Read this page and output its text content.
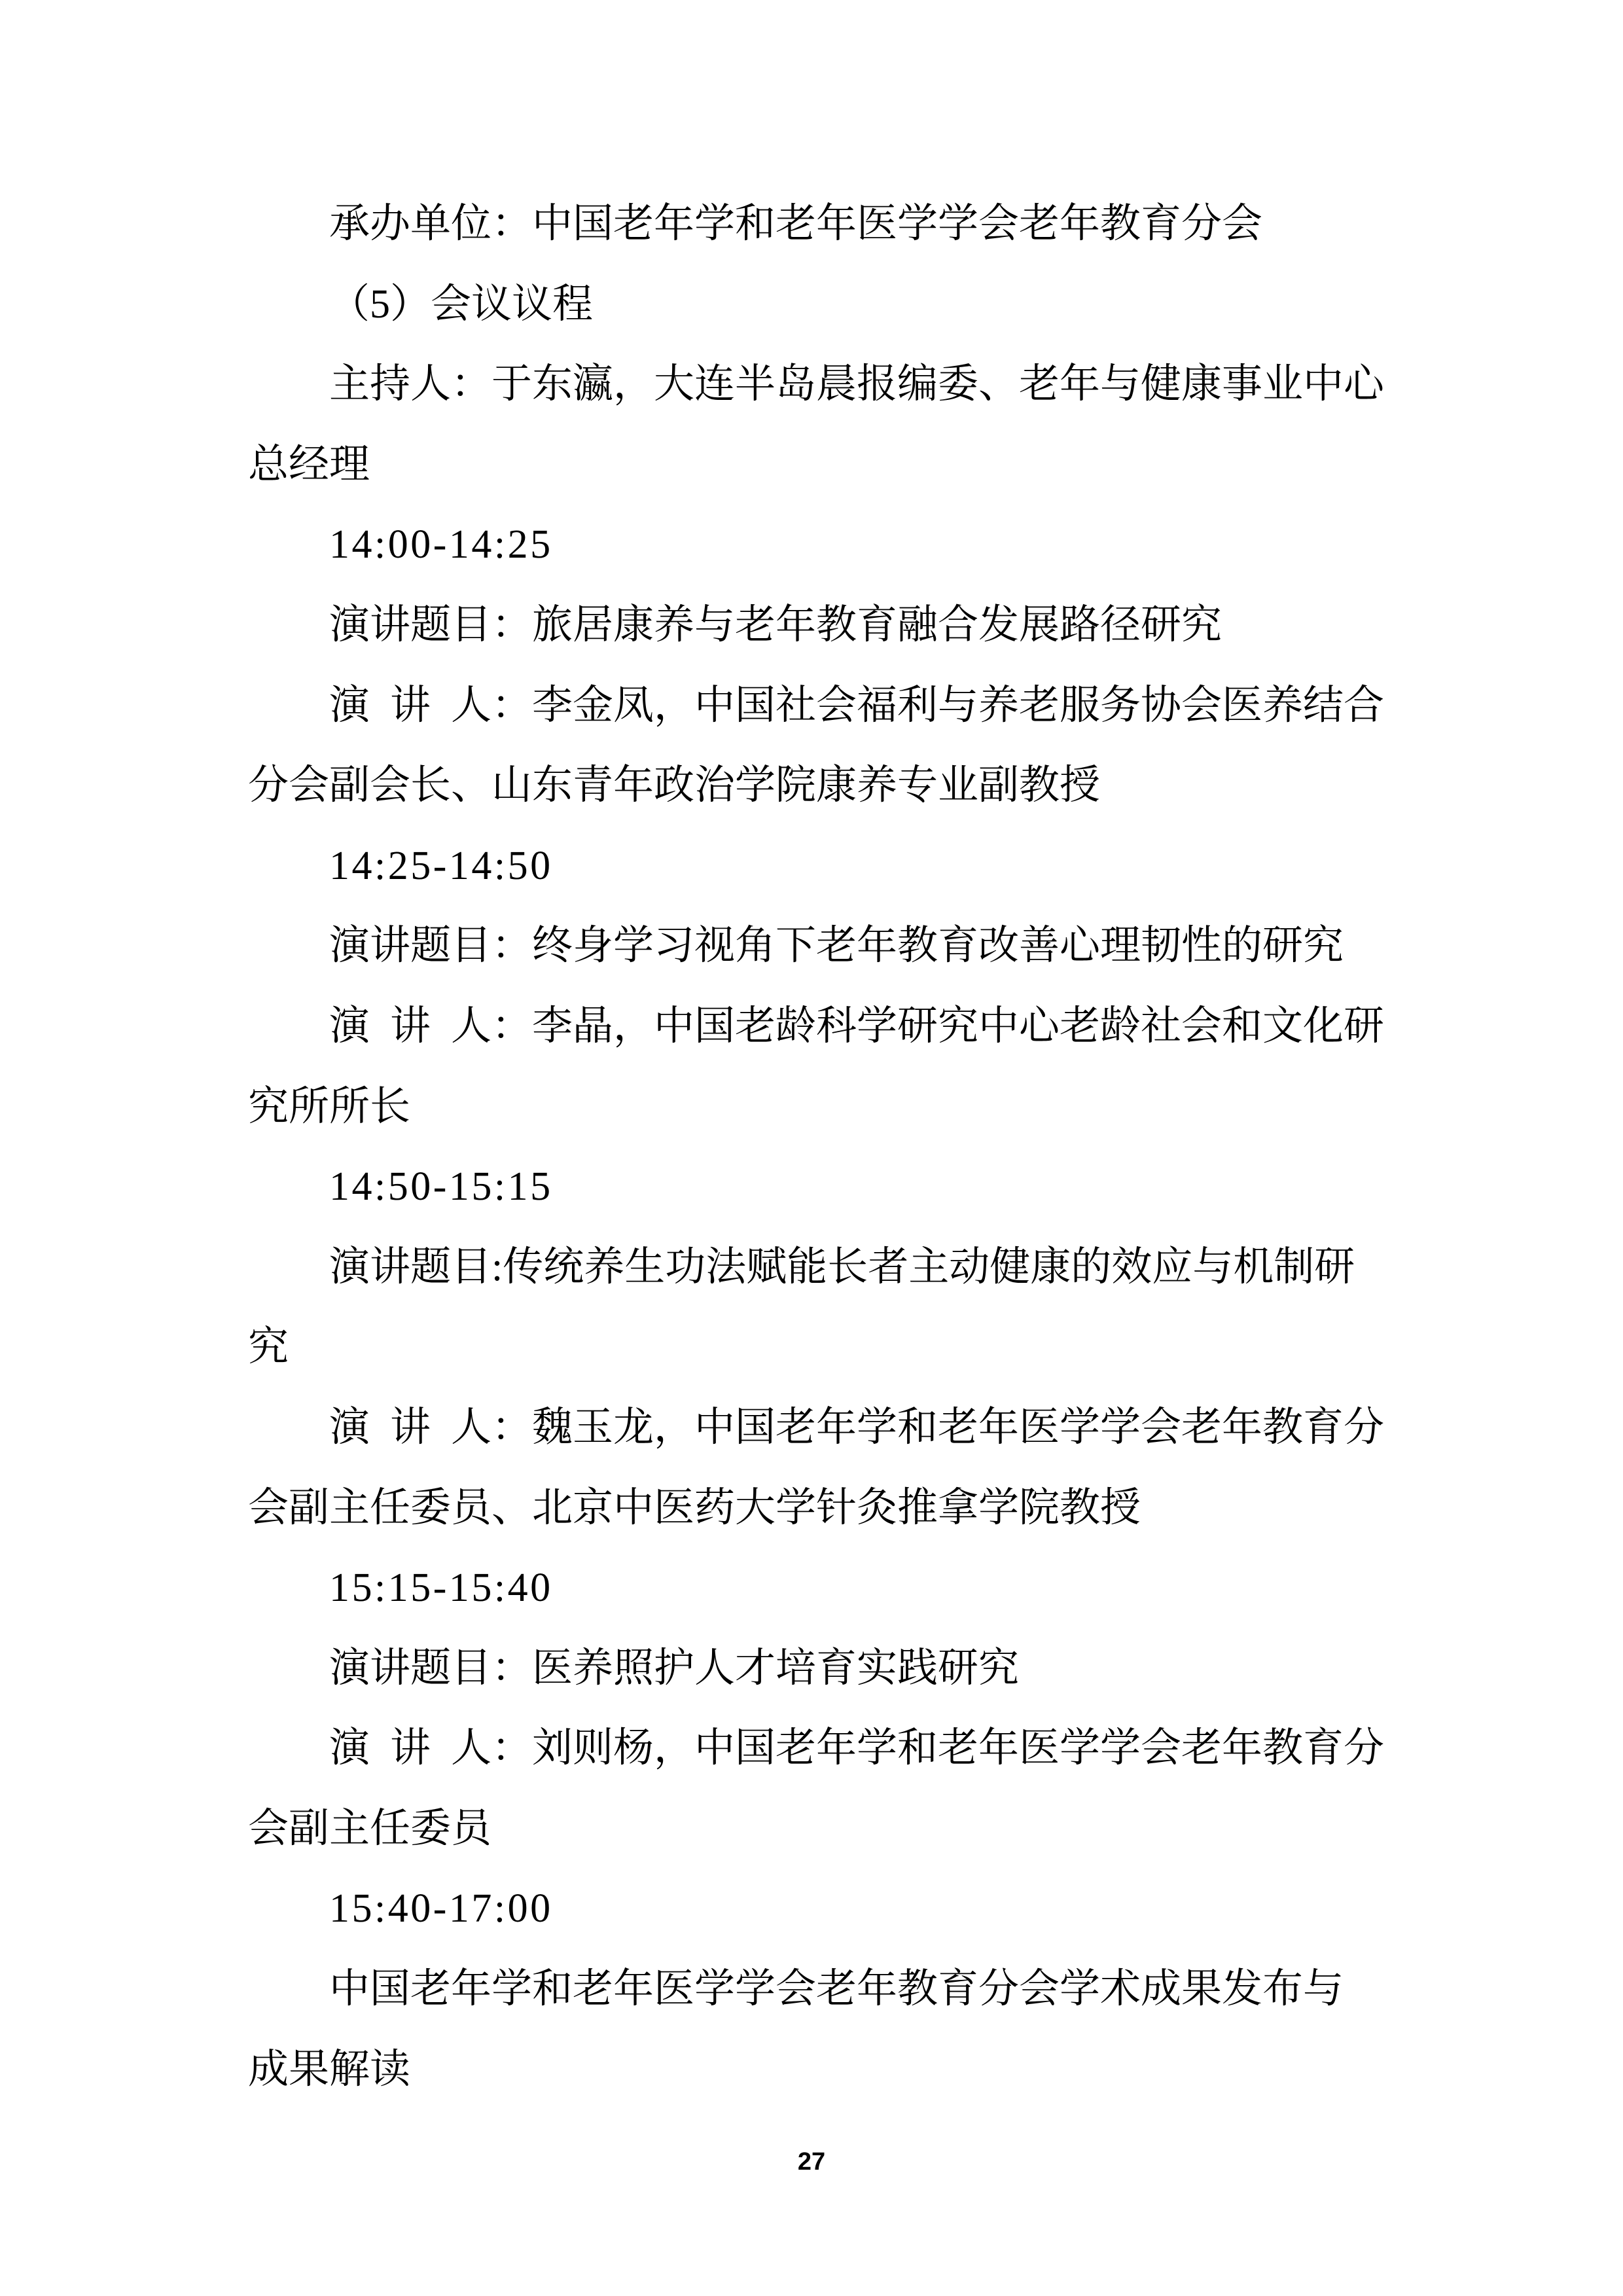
承办单位：中国老年学和老年医学学会老年教育分会
（5）会议议程
主持人：于东瀛，大连半岛晨报编委、老年与健康事业中心
总经理
14:00-14:25
演讲题目：旅居康养与老年教育融合发展路径研究
演 讲 人：李金凤，中国社会福利与养老服务协会医养结合
分会副会长、山东青年政治学院康养专业副教授
14:25-14:50
演讲题目：终身学习视角下老年教育改善心理韧性的研究
演 讲 人：李晶，中国老龄科学研究中心老龄社会和文化研
究所所长
14:50-15:15
演讲题目:传统养生功法赋能长者主动健康的效应与机制研
究
演 讲 人：魏玉龙，中国老年学和老年医学学会老年教育分
会副主任委员、北京中医药大学针灸推拿学院教授
15:15-15:40
演讲题目：医养照护人才培育实践研究
演 讲 人：刘则杨，中国老年学和老年医学学会老年教育分
会副主任委员
15:40-17:00
中国老年学和老年医学学会老年教育分会学术成果发布与
成果解读
27
